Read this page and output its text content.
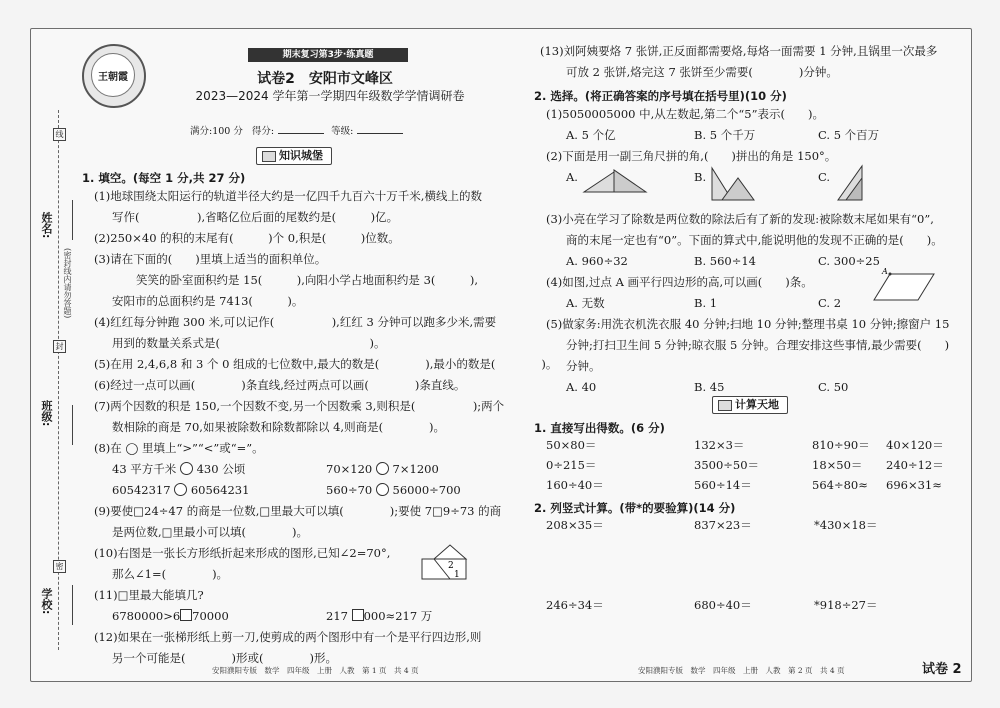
姓名:
班级:
学校:
(密封线内请勿答题)
线
封
密
王朝霞
期末复习第3步·练真题
试卷2　安阳市文峰区
2023—2024 学年第一学期四年级数学学情调研卷
满分:100 分 得分:	等级:
知识城堡
1. 填空。(每空 1 分,共 27 分)
(1)地球围绕太阳运行的轨道半径大约是一亿四千九百六十万千米,横线上的数
写作(　　　　　),省略亿位后面的尾数约是(　　　)亿。
(2)250×40 的积的末尾有(　　　)个 0,积是(　　　)位数。
(3)请在下面的(　　)里填上适当的面积单位。
笑笑的卧室面积约是 15(　　　),向阳小学占地面积约是 3(　　　),
安阳市的总面积约是 7413(　　　)。
(4)红红每分钟跑 300 米,可以记作(　　　　　),红红 3 分钟可以跑多少米,需要
用到的数量关系式是(　　　　　　　　　　　　　)。
(5)在用 2,4,6,8 和 3 个 0 组成的七位数中,最大的数是(　　　　),最小的数是(　　　　)。
(6)经过一点可以画(　　　　)条直线,经过两点可以画(　　　　)条直线。
(7)两个因数的积是 150,一个因数不变,另一个因数乘 3,则积是(　　　　　);两个
数相除的商是 70,如果被除数和除数都除以 4,则商是(　　　　)。
(8)在 ◯ 里填上“>”“<”或“=”。
43 平方千米 430 公顷	70×120 7×1200
60542317 60564231	560÷70 56000÷700
(9)要使□24÷47 的商是一位数,□里最大可以填(　　　　);要使 7□9÷73 的商
是两位数,□里最小可以填(　　　　)。
(10)右图是一张长方形纸折起来形成的图形,已知∠2=70°,
那么∠1=(　　　　)。
2
1
(11)□里最大能填几?
6780000>6 70000	217 000≈217 万
(12)如果在一张梯形纸上剪一刀,使剪成的两个图形中有一个是平行四边形,则
另一个可能是(　　　　)形或(　　　　)形。
安阳濮阳专版　数学　四年级　上册　人教　第 1 页　共 4 页
(13)刘阿姨要烙 7 张饼,正反面都需要烙,每烙一面需要 1 分钟,且锅里一次最多
可放 2 张饼,烙完这 7 张饼至少需要(　　　　)分钟。
2. 选择。(将正确答案的序号填在括号里)(10 分)
(1)5050005000 中,从左数起,第二个“5”表示(　　)。
A. 5 个亿	B. 5 个千万	C. 5 个百万
(2)下面是用一副三角尺拼的角,(　　)拼出的角是 150°。
A.	B.	C.
(3)小亮在学习了除数是两位数的除法后有了新的发现:被除数末尾如果有“0”,
商的末尾一定也有“0”。下面的算式中,能说明他的发现不正确的是(　　)。
A. 960÷32	B. 560÷14	C. 300÷25
(4)如图,过点 A 画平行四边形的高,可以画(　　)条。
A. 无数	B. 1	C. 2
A
(5)做家务:用洗衣机洗衣服 40 分钟;扫地 10 分钟;整理书桌 10 分钟;擦窗户 15
分钟;打扫卫生间 5 分钟;晾衣服 5 分钟。合理安排这些事情,最少需要(　　)
分钟。
A. 40	B. 45	C. 50
计算天地
1. 直接写出得数。(6 分)
50×80＝	132×3＝	810÷90＝ 40×120＝
0÷215＝	3500÷50＝	18×50＝ 240÷12＝
160÷40＝	560÷14＝	564÷80≈ 696×31≈
2. 列竖式计算。(带*的要验算)(14 分)
208×35＝	837×23＝	*430×18＝
246÷34＝	680÷40＝	*918÷27＝
安阳濮阳专版　数学　四年级　上册　人教　第 2 页　共 4 页	试卷 2
